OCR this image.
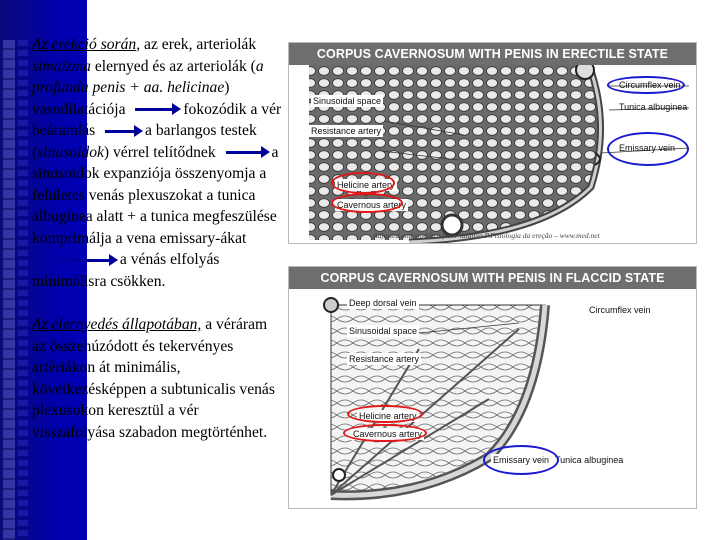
Az erekció során, az erek, arteriolák simaizma elernyed és az arteriolák (a profunda penis + aa. helicinae) vasodilatációja	fokozódik a vér beáramlás	a barlangos testek (sinusoidok) vérrel telítődnek	a sinusoidok expanziója összenyomja a felületes venás plexuszokat a tunica albuginea alatt + a tunica megfeszülése komprimálja a vena emissary-ákat  a vénás elfolyás minimálisra csökken.

Az elernyedés állapotában, a véráram az összehúzódott és tekervényes artériákon át minimális, következésképpen a subtunicalis venás plexusokon keresztül a vér visszafolyása szabadon megtörténhet.

CORPUS CAVERNOSUM WITH PENIS IN ERECTILE STATE
Sinusoidal space
Resistance artery
Helicine artery
Cavernous artery
Circumflex vein
Tunica albuginea
Emissary vein
Adjusted and modified from Valdivia P.Fisiologia da ereção – www.med.net
CORPUS CAVERNOSUM WITH PENIS IN FLACCID STATE
Deep dorsal vein
Sinusoidal space
Resistance artery
Helicine artery
Cavernous artery
Circumflex vein
Emissary vein Tunica albuginea
